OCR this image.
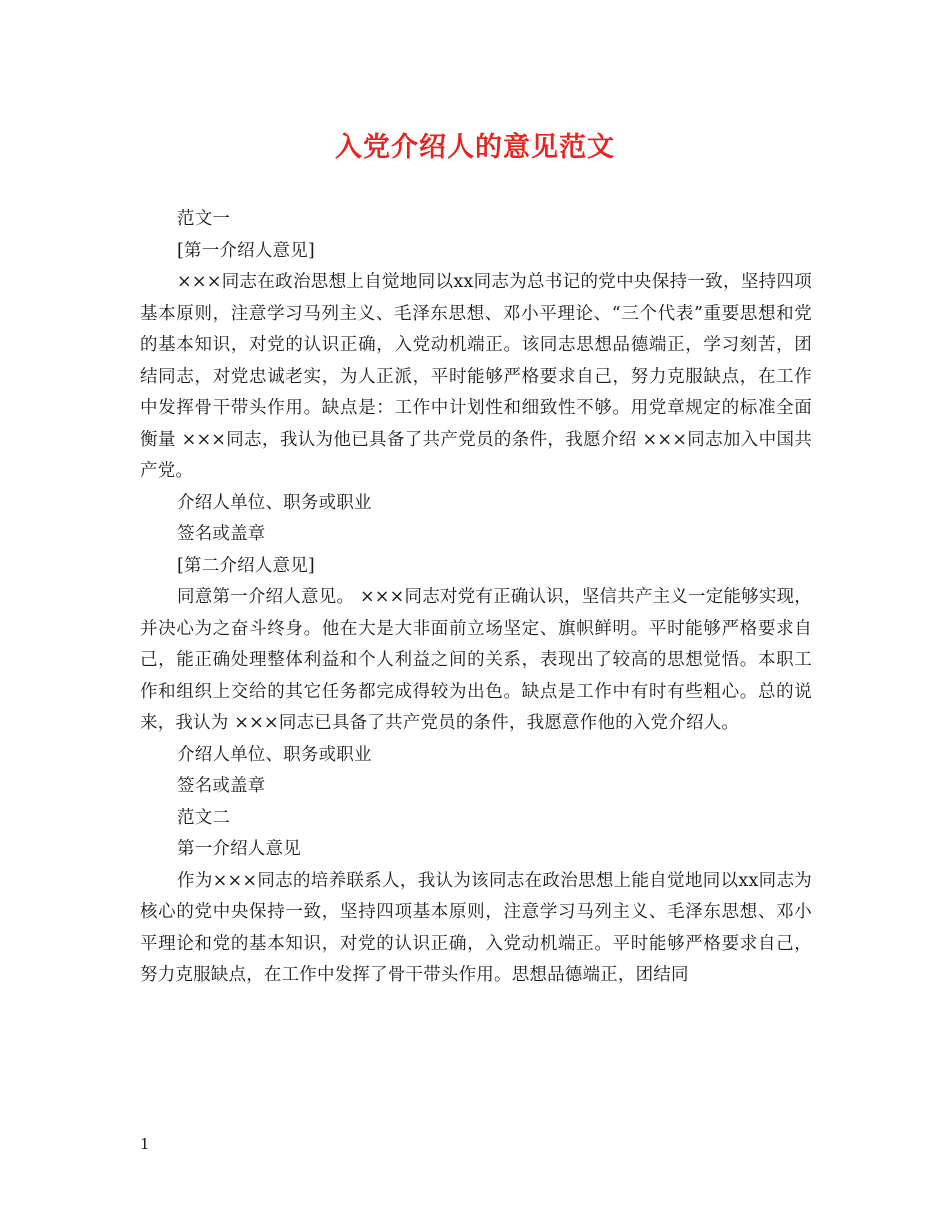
入党介绍人的意见范文

范文一

[第一介绍人意见]

×××同志在政治思想上自觉地同以xx同志为总书记的党中央保持一致，坚持四项基本原则，注意学习马列主义、毛泽东思想、邓小平理论、“三个代表”重要思想和党的基本知识，对党的认识正确，入党动机端正。该同志思想品德端正，学习刻苦，团结同志，对党忠诚老实，为人正派，平时能够严格要求自己，努力克服缺点，在工作中发挥骨干带头作用。缺点是：工作中计划性和细致性不够。用党章规定的标准全面衡量 ×××同志，我认为他已具备了共产党员的条件，我愿介绍 ×××同志加入中国共产党。

介绍人单位、职务或职业

签名或盖章

[第二介绍人意见]

同意第一介绍人意见。 ×××同志对党有正确认识，坚信共产主义一定能够实现，并决心为之奋斗终身。他在大是大非面前立场坚定、旗帜鲜明。平时能够严格要求自己，能正确处理整体利益和个人利益之间的关系，表现出了较高的思想觉悟。本职工作和组织上交给的其它任务都完成得较为出色。缺点是工作中有时有些粗心。总的说来，我认为 ×××同志已具备了共产党员的条件，我愿意作他的入党介绍人。

介绍人单位、职务或职业

签名或盖章

范文二

第一介绍人意见

作为×××同志的培养联系人，我认为该同志在政治思想上能自觉地同以xx同志为核心的党中央保持一致，坚持四项基本原则，注意学习马列主义、毛泽东思想、邓小平理论和党的基本知识，对党的认识正确，入党动机端正。平时能够严格要求自己，努力克服缺点，在工作中发挥了骨干带头作用。思想品德端正，团结同

1
